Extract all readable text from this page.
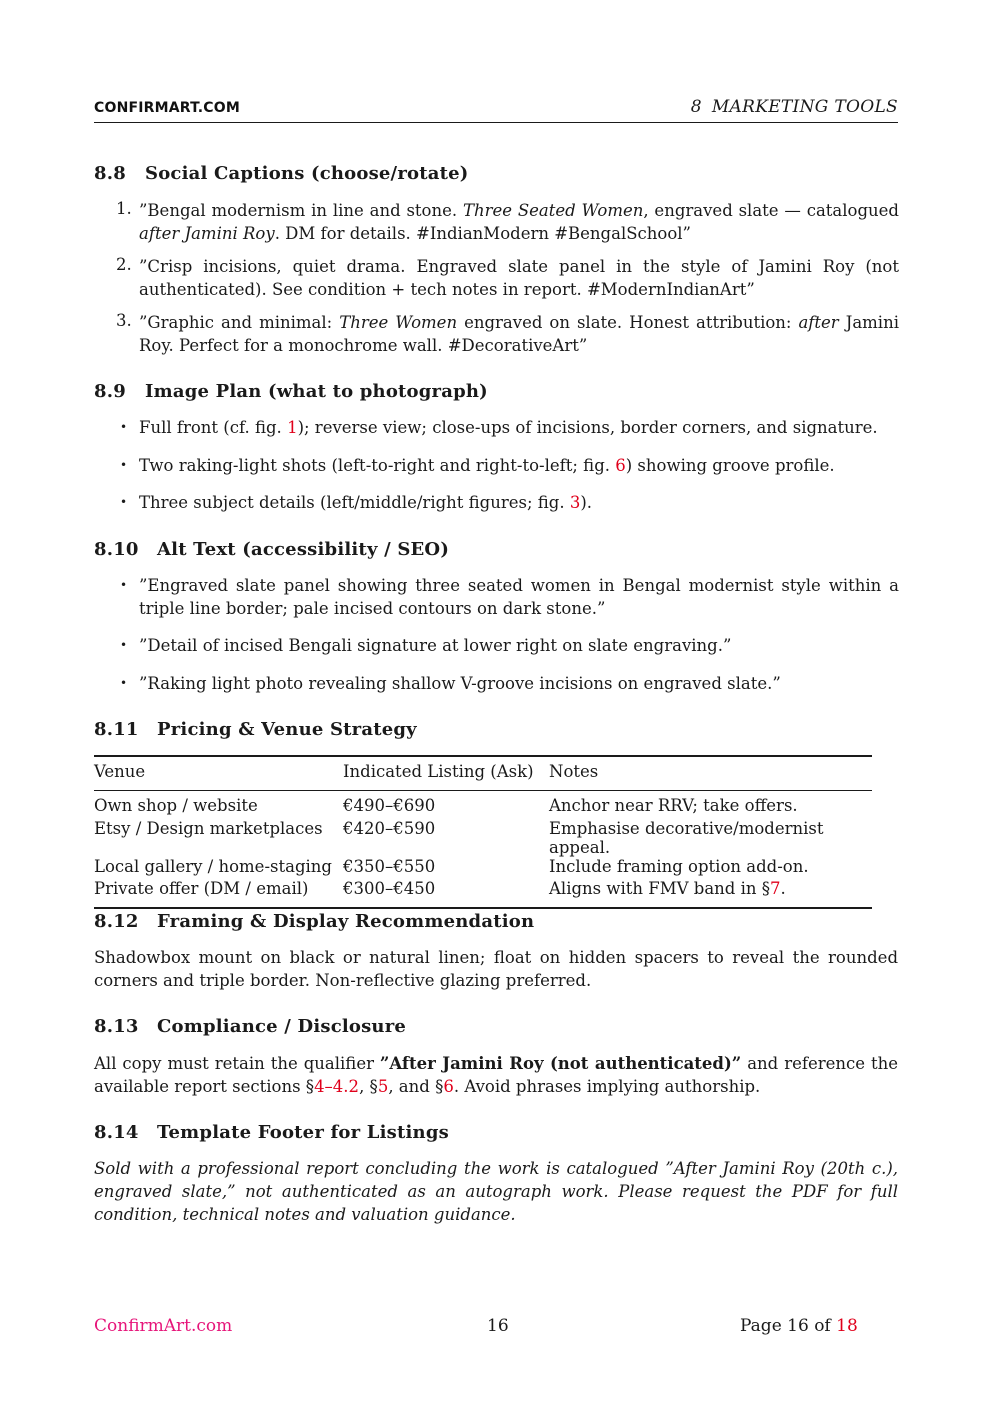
CONFIRMART.COM	8 MARKETING TOOLS
8.8 Social Captions (choose/rotate)
1. ”Bengal modernism in line and stone. Three Seated Women, engraved slate — catalogued after Jamini Roy. DM for details. #IndianModern #BengalSchool”
2. ”Crisp incisions, quiet drama. Engraved slate panel in the style of Jamini Roy (not authenticated). See condition + tech notes in report. #ModernIndianArt”
3. ”Graphic and minimal: Three Women engraved on slate. Honest attribution: after Jamini Roy. Perfect for a monochrome wall. #DecorativeArt”
8.9 Image Plan (what to photograph)
• Full front (cf. fig. 1); reverse view; close-ups of incisions, border corners, and signature.
• Two raking-light shots (left-to-right and right-to-left; fig. 6) showing groove profile.
• Three subject details (left/middle/right figures; fig. 3).
8.10 Alt Text (accessibility / SEO)
• ”Engraved slate panel showing three seated women in Bengal modernist style within a triple line border; pale incised contours on dark stone.”
• ”Detail of incised Bengali signature at lower right on slate engraving.”
• ”Raking light photo revealing shallow V-groove incisions on engraved slate.”
8.11 Pricing & Venue Strategy
Venue	Indicated Listing (Ask)	Notes
Own shop / website	€490–€690	Anchor near RRV; take offers.
Etsy / Design marketplaces	€420–€590	Emphasise decorative/modernist appeal.
Local gallery / home-staging	€350–€550	Include framing option add-on.
Private offer (DM / email)	€300–€450	Aligns with FMV band in §7.
8.12 Framing & Display Recommendation
Shadowbox mount on black or natural linen; float on hidden spacers to reveal the rounded corners and triple border. Non-reflective glazing preferred.
8.13 Compliance / Disclosure
All copy must retain the qualifier ”After Jamini Roy (not authenticated)” and reference the available report sections §4–4.2, §5, and §6. Avoid phrases implying authorship.
8.14 Template Footer for Listings
Sold with a professional report concluding the work is catalogued ”After Jamini Roy (20th c.), engraved slate,” not authenticated as an autograph work. Please request the PDF for full condition, technical notes and valuation guidance.
ConfirmArt.com	16	Page 16 of 18
